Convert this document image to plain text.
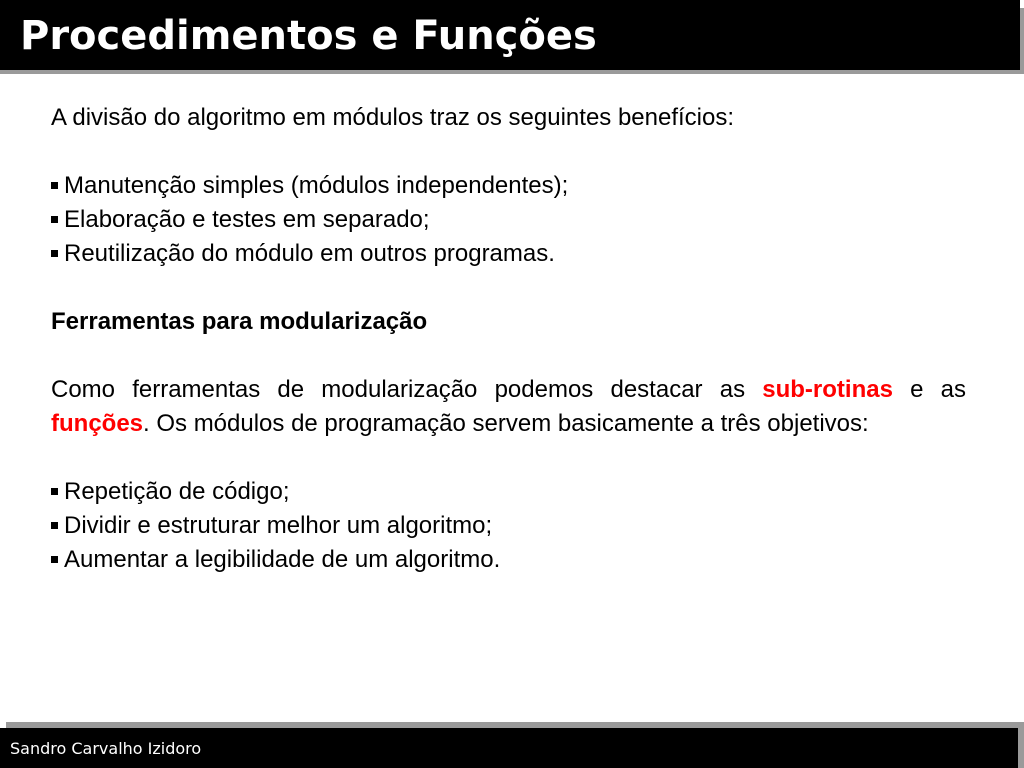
Procedimentos e Funções

A divisão do algoritmo em módulos traz os seguintes benefícios:

Manutenção simples (módulos independentes);
Elaboração e testes em separado;
Reutilização do módulo em outros programas.

Ferramentas para modularização

Como ferramentas de modularização podemos destacar as sub-rotinas e as funções. Os módulos de programação servem basicamente a três objetivos:

Repetição de código;
Dividir e estruturar melhor um algoritmo;
Aumentar a legibilidade de um algoritmo.

Sandro Carvalho Izidoro
